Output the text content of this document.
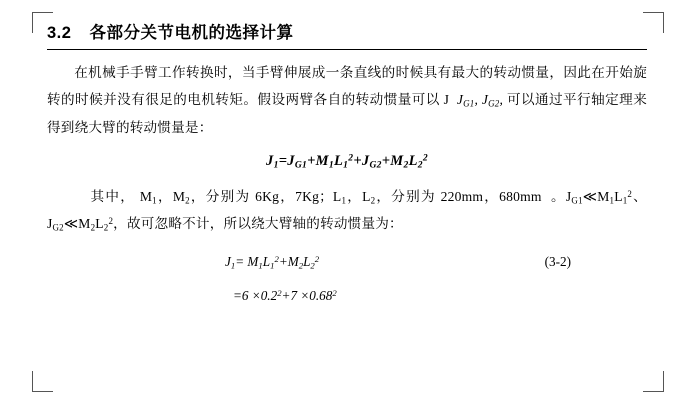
3.2 各部分关节电机的选择计算

在机械手手臂工作转换时，当手臂伸展成一条直线的时候具有最大的转动惯量，因此在开始旋转的时候并没有很足的电机转矩。假设两臂各自的转动惯量可以 J $J_{G1}$, $J_{G2}$, 可以通过平行轴定理来得到绕大臂的转动惯量是：

$J_1=J_{G1}+M_1L_1^2+J_{G2}+M_2L_2^2$

其中， $M_1$，$M_2$，分别为 6Kg，7Kg；$L_1$，$L_2$，分别为 220mm，680mm  。$J_{G1}≪M_1L_1^2$、$J_{G2}≪M_2L_2^2$，故可忽略不计，所以绕大臂轴的转动惯量为：

$J_1= M_1L_1^2+M_2L_2^2$	(3-2)
$=6 \times 0.2^2+7 \times 0.68^2$
